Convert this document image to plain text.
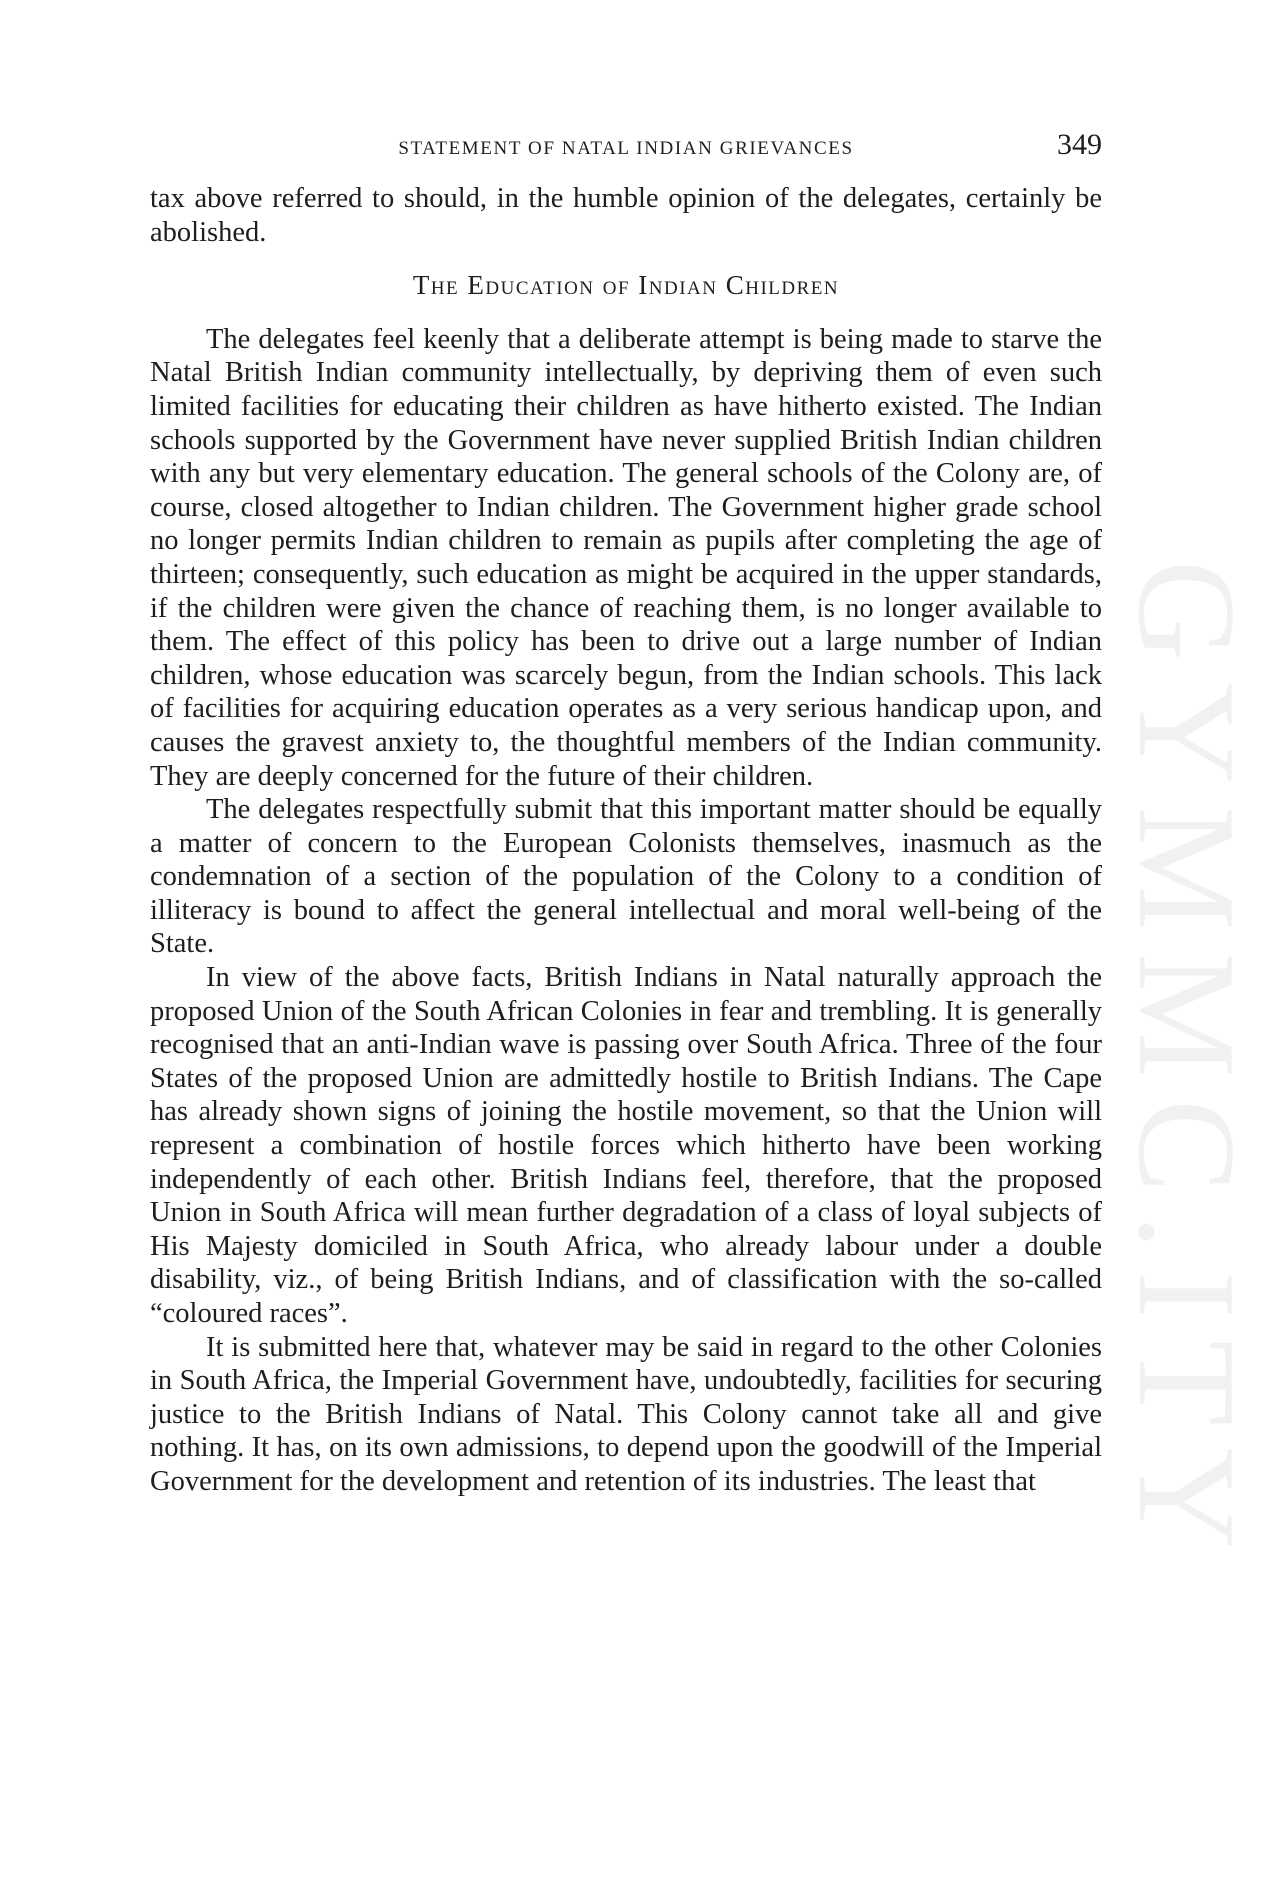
GYMMC.ITY
STATEMENT OF NATAL INDIAN GRIEVANCES	349

tax above referred to should, in the humble opinion of the delegates, certainly be abolished.

The Education of Indian Children

The delegates feel keenly that a deliberate attempt is being made to starve the Natal British Indian community intellectually, by depriving them of even such limited facilities for educating their children as have hitherto existed. The Indian schools supported by the Government have never supplied British Indian children with any but very elementary education. The general schools of the Colony are, of course, closed altogether to Indian children. The Government higher grade school no longer permits Indian children to remain as pupils after completing the age of thirteen; consequently, such education as might be acquired in the upper standards, if the children were given the chance of reaching them, is no longer available to them. The effect of this policy has been to drive out a large number of Indian children, whose education was scarcely begun, from the Indian schools. This lack of facilities for acquiring education operates as a very serious handicap upon, and causes the gravest anxiety to, the thoughtful members of the Indian community. They are deeply concerned for the future of their children.

The delegates respectfully submit that this important matter should be equally a matter of concern to the European Colonists themselves, inasmuch as the condemnation of a section of the population of the Colony to a condition of illiteracy is bound to affect the general intellectual and moral well-being of the State.

In view of the above facts, British Indians in Natal naturally approach the proposed Union of the South African Colonies in fear and trembling. It is generally recognised that an anti-Indian wave is passing over South Africa. Three of the four States of the proposed Union are admittedly hostile to British Indians. The Cape has already shown signs of joining the hostile movement, so that the Union will represent a combination of hostile forces which hitherto have been working independently of each other. British Indians feel, therefore, that the proposed Union in South Africa will mean further degradation of a class of loyal subjects of His Majesty domiciled in South Africa, who already labour under a double disability, viz., of being British Indians, and of classification with the so-called “coloured races”.

It is submitted here that, whatever may be said in regard to the other Colonies in South Africa, the Imperial Government have, undoubtedly, facilities for securing justice to the British Indians of Natal. This Colony cannot take all and give nothing. It has, on its own admissions, to depend upon the goodwill of the Imperial Government for the development and retention of its industries. The least that
